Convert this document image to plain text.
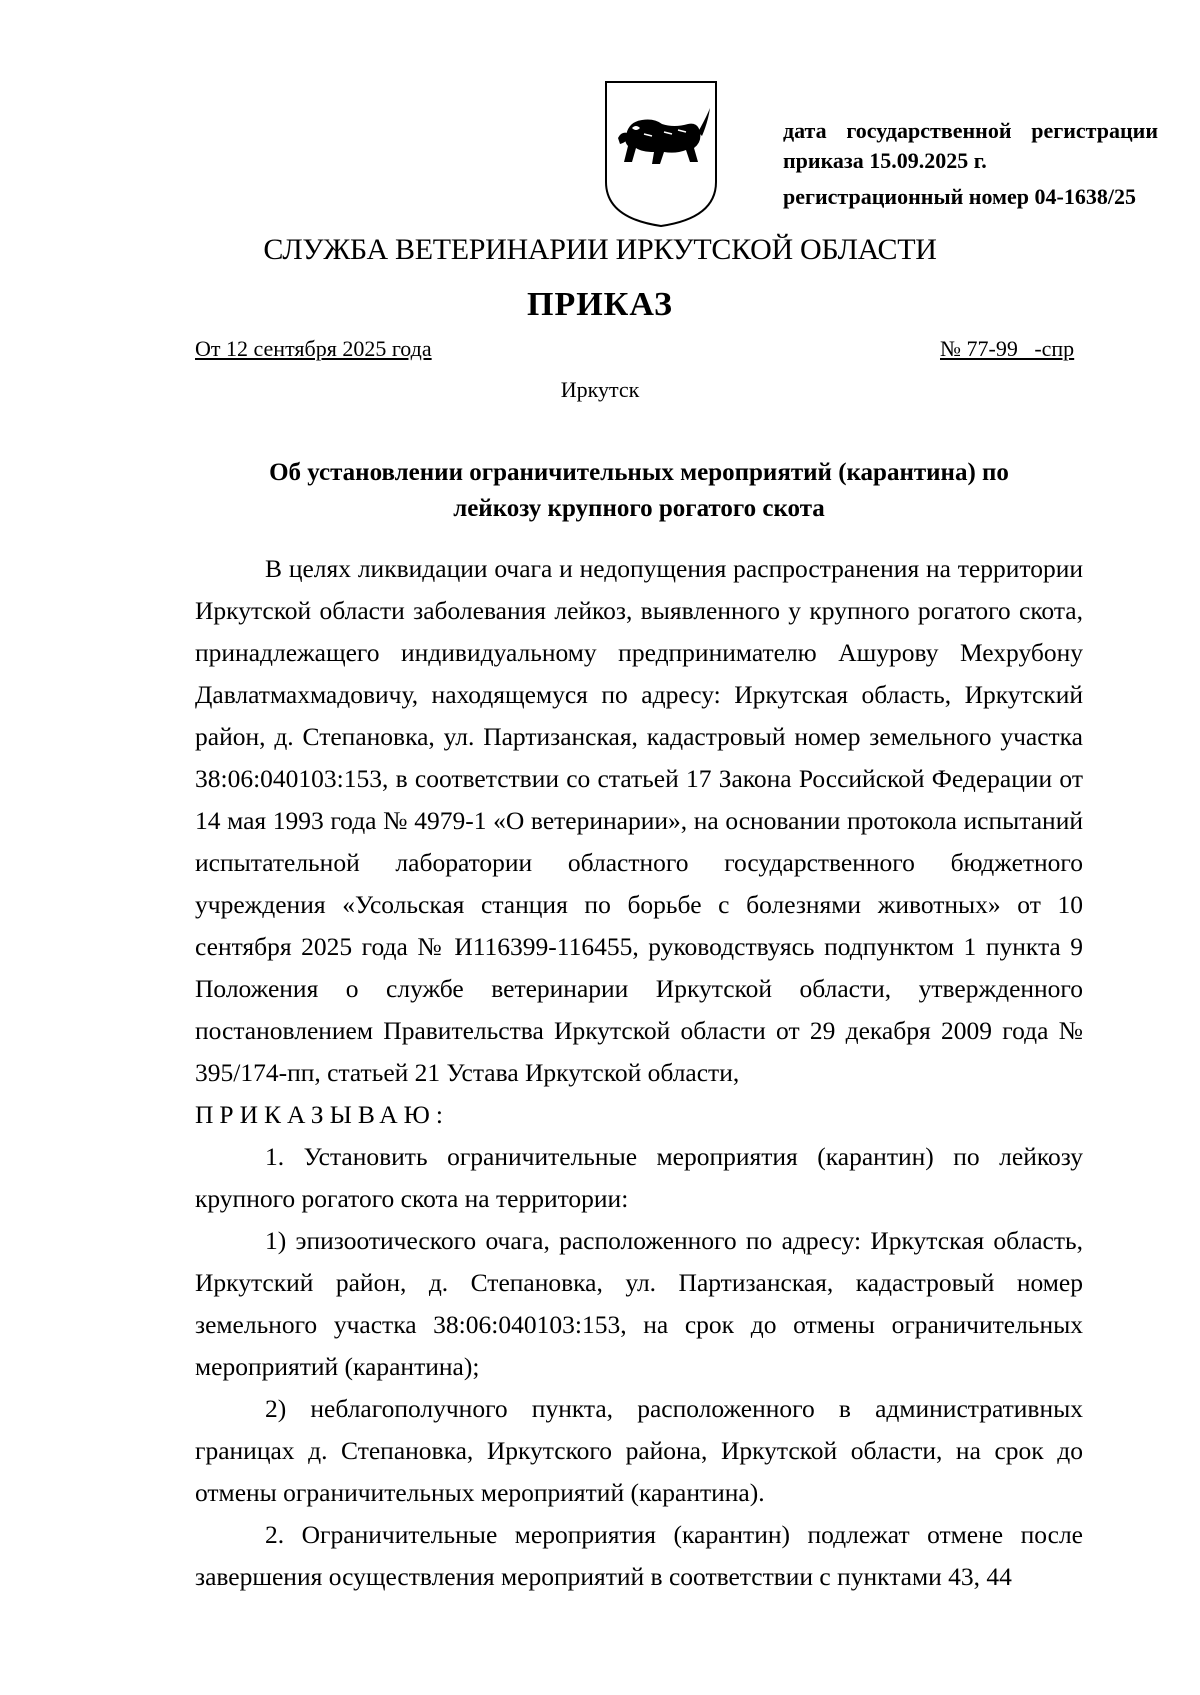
дата государственной регистрации
приказа 15.09.2025 г.
регистрационный номер 04-1638/25
СЛУЖБА ВЕТЕРИНАРИИ ИРКУТСКОЙ ОБЛАСТИ
ПРИКАЗ
От 12 сентября 2025 года	№ 77-99   -спр
Иркутск
Об установлении ограничительных мероприятий (карантина) по
лейкозу крупного рогатого скота

В целях ликвидации очага и недопущения распространения на территории Иркутской области заболевания лейкоз, выявленного у крупного рогатого скота, принадлежащего индивидуальному предпринимателю Ашурову Мехрубону Давлатмахмадовичу, находящемуся по адресу: Иркутская область, Иркутский район, д. Степановка, ул. Партизанская, кадастровый номер земельного участка 38:06:040103:153, в соответствии со статьей 17 Закона Российской Федерации от 14 мая 1993 года № 4979-1 «О ветеринарии», на основании протокола испытаний испытательной лаборатории областного государственного бюджетного учреждения «Усольская станция по борьбе с болезнями животных» от 10 сентября 2025 года № И116399-116455, руководствуясь подпунктом 1 пункта 9 Положения о службе ветеринарии Иркутской области, утвержденного постановлением Правительства Иркутской области от 29 декабря 2009 года № 395/174-пп, статьей 21 Устава Иркутской области,

ПРИКАЗЫВАЮ:

1. Установить ограничительные мероприятия (карантин) по лейкозу крупного рогатого скота на территории:

1) эпизоотического очага, расположенного по адресу: Иркутская область, Иркутский район, д. Степановка, ул. Партизанская, кадастровый номер земельного участка 38:06:040103:153, на срок до отмены ограничительных мероприятий (карантина);

2) неблагополучного пункта, расположенного в административных границах д. Степановка, Иркутского района, Иркутской области, на срок до отмены ограничительных мероприятий (карантина).

2. Ограничительные мероприятия (карантин) подлежат отмене после завершения осуществления мероприятий в соответствии с пунктами 43, 44
